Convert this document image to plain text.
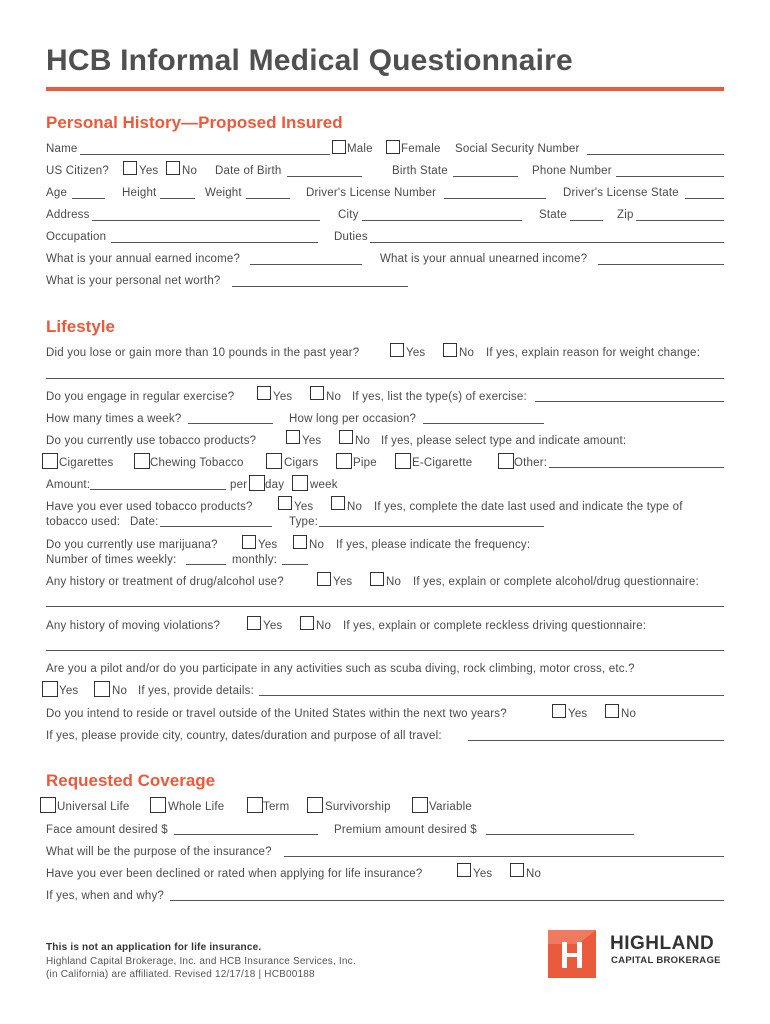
HCB Informal Medical Questionnaire
Personal History—Proposed Insured
Name	Male Female Social Security Number
US Citizen?	Yes No Date of Birth	Birth State	Phone Number
Age	Height	Weight	Driver's License Number	Driver's License State
Address	City	State	Zip
Occupation	Duties
What is your annual earned income?	What is your annual unearned income?
What is your personal net worth?
Lifestyle
Did you lose or gain more than 10 pounds in the past year?	Yes	No If yes, explain reason for weight change:
Do you engage in regular exercise?	Yes	No If yes, list the type(s) of exercise:
How many times a week?	How long per occasion?
Do you currently use tobacco products?	Yes	No If yes, please select type and indicate amount:
Cigarettes	Chewing Tobacco	Cigars	Pipe	E-Cigarette	Other:
Amount:	per day week
Have you ever used tobacco products?	Yes	No If yes, complete the date last used and indicate the type of
tobacco used: Date:	Type:
Do you currently use marijuana?	Yes	No If yes, please indicate the frequency:
Number of times weekly:	monthly:
Any history or treatment of drug/alcohol use?	Yes	No If yes, explain or complete alcohol/drug questionnaire:
Any history of moving violations?	Yes	No If yes, explain or complete reckless driving questionnaire:
Are you a pilot and/or do you participate in any activities such as scuba diving, rock climbing, motor cross, etc.?
Yes	No If yes, provide details:
Do you intend to reside or travel outside of the United States within the next two years?	Yes	No
If yes, please provide city, country, dates/duration and purpose of all travel:
Requested Coverage
Universal Life	Whole Life	Term	Survivorship	Variable
Face amount desired $	Premium amount desired $
What will be the purpose of the insurance?
Have you ever been declined or rated when applying for life insurance?	Yes	No
If yes, when and why?
This is not an application for life insurance.
Highland Capital Brokerage, Inc. and HCB Insurance Services, Inc.
(in California) are affiliated. Revised 12/17/18 | HCB00188
HIGHLAND
CAPITAL BROKERAGE
